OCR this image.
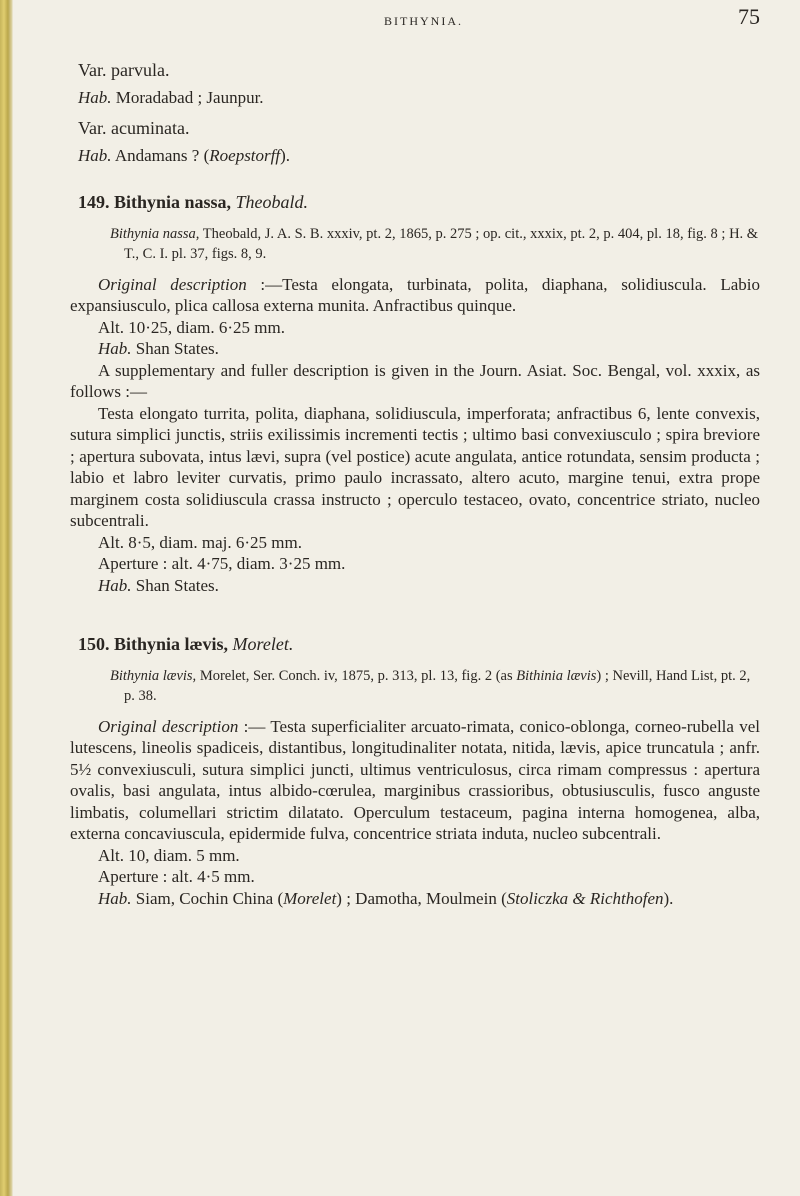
BITHYNIA.	75

Var. parvula.

Hab. Moradabad ; Jaunpur.

Var. acuminata.

Hab. Andamans ? (Roepstorff).

149. Bithynia nassa, Theobald.

Bithynia nassa, Theobald, J. A. S. B. xxxiv, pt. 2, 1865, p. 275 ; op. cit., xxxix, pt. 2, p. 404, pl. 18, fig. 8 ; H. & T., C. I. pl. 37, figs. 8, 9.

Original description :—Testa elongata, turbinata, polita, diaphana, solidiuscula. Labio expansiusculo, plica callosa externa munita. Anfractibus quinque.

Alt. 10·25, diam. 6·25 mm.

Hab. Shan States.

A supplementary and fuller description is given in the Journ. Asiat. Soc. Bengal, vol. xxxix, as follows :—

Testa elongato turrita, polita, diaphana, solidiuscula, imperforata; anfractibus 6, lente convexis, sutura simplici junctis, striis exilissimis incrementi tectis ; ultimo basi convexiusculo ; spira breviore ; apertura subovata, intus lævi, supra (vel postice) acute angulata, antice rotundata, sensim producta ; labio et labro leviter curvatis, primo paulo incrassato, altero acuto, margine tenui, extra prope marginem costa solidiuscula crassa instructo ; operculo testaceo, ovato, concentrice striato, nucleo subcentrali.

Alt. 8·5, diam. maj. 6·25 mm.

Aperture : alt. 4·75, diam. 3·25 mm.

Hab. Shan States.

150. Bithynia lævis, Morelet.

Bithynia lævis, Morelet, Ser. Conch. iv, 1875, p. 313, pl. 13, fig. 2 (as Bithinia lævis) ; Nevill, Hand List, pt. 2, p. 38.

Original description :— Testa superficialiter arcuato-rimata, conico-oblonga, corneo-rubella vel lutescens, lineolis spadiceis, distantibus, longitudinaliter notata, nitida, lævis, apice truncatula ; anfr. 5½ convexiusculi, sutura simplici juncti, ultimus ventriculosus, circa rimam compressus : apertura ovalis, basi angulata, intus albido-cœrulea, marginibus crassioribus, obtusiusculis, fusco anguste limbatis, columellari strictim dilatato. Operculum testaceum, pagina interna homogenea, alba, externa concaviuscula, epidermide fulva, concentrice striata induta, nucleo subcentrali.

Alt. 10, diam. 5 mm.

Aperture : alt. 4·5 mm.

Hab. Siam, Cochin China (Morelet) ; Damotha, Moulmein (Stoliczka & Richthofen).
